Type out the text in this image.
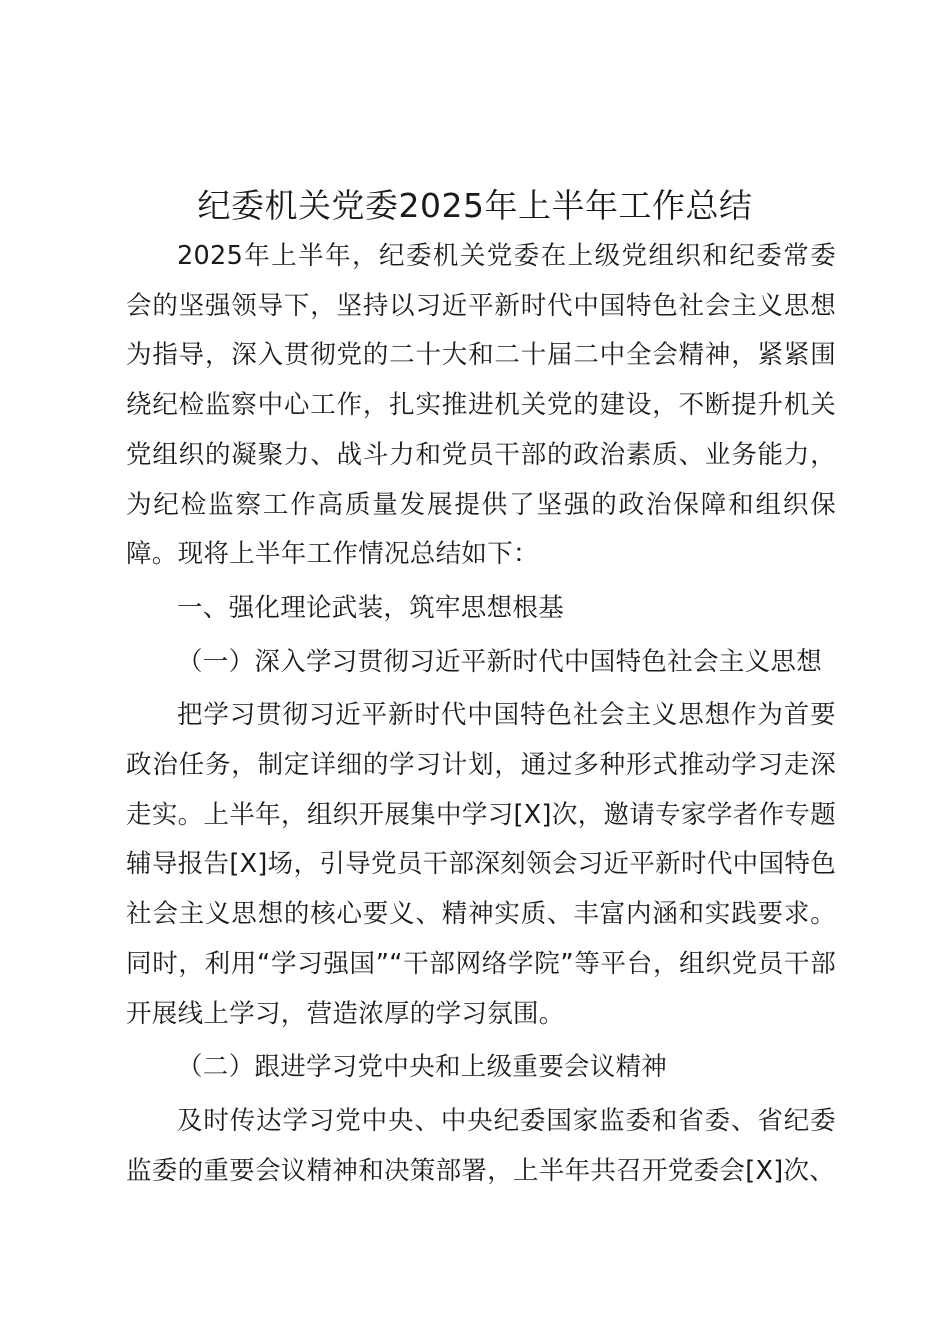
纪委机关党委2025年上半年工作总结

2025年上半年，纪委机关党委在上级党组织和纪委常委会的坚强领导下，坚持以习近平新时代中国特色社会主义思想为指导，深入贯彻党的二十大和二十届二中全会精神，紧紧围绕纪检监察中心工作，扎实推进机关党的建设，不断提升机关党组织的凝聚力、战斗力和党员干部的政治素质、业务能力，为纪检监察工作高质量发展提供了坚强的政治保障和组织保障。现将上半年工作情况总结如下：

一、强化理论武装，筑牢思想根基

（一）深入学习贯彻习近平新时代中国特色社会主义思想

把学习贯彻习近平新时代中国特色社会主义思想作为首要政治任务，制定详细的学习计划，通过多种形式推动学习走深走实。上半年，组织开展集中学习[X]次，邀请专家学者作专题辅导报告[X]场，引导党员干部深刻领会习近平新时代中国特色社会主义思想的核心要义、精神实质、丰富内涵和实践要求。同时，利用“学习强国”“干部网络学院”等平台，组织党员干部开展线上学习，营造浓厚的学习氛围。

（二）跟进学习党中央和上级重要会议精神

及时传达学习党中央、中央纪委国家监委和省委、省纪委监委的重要会议精神和决策部署，上半年共召开党委会[X]次、
